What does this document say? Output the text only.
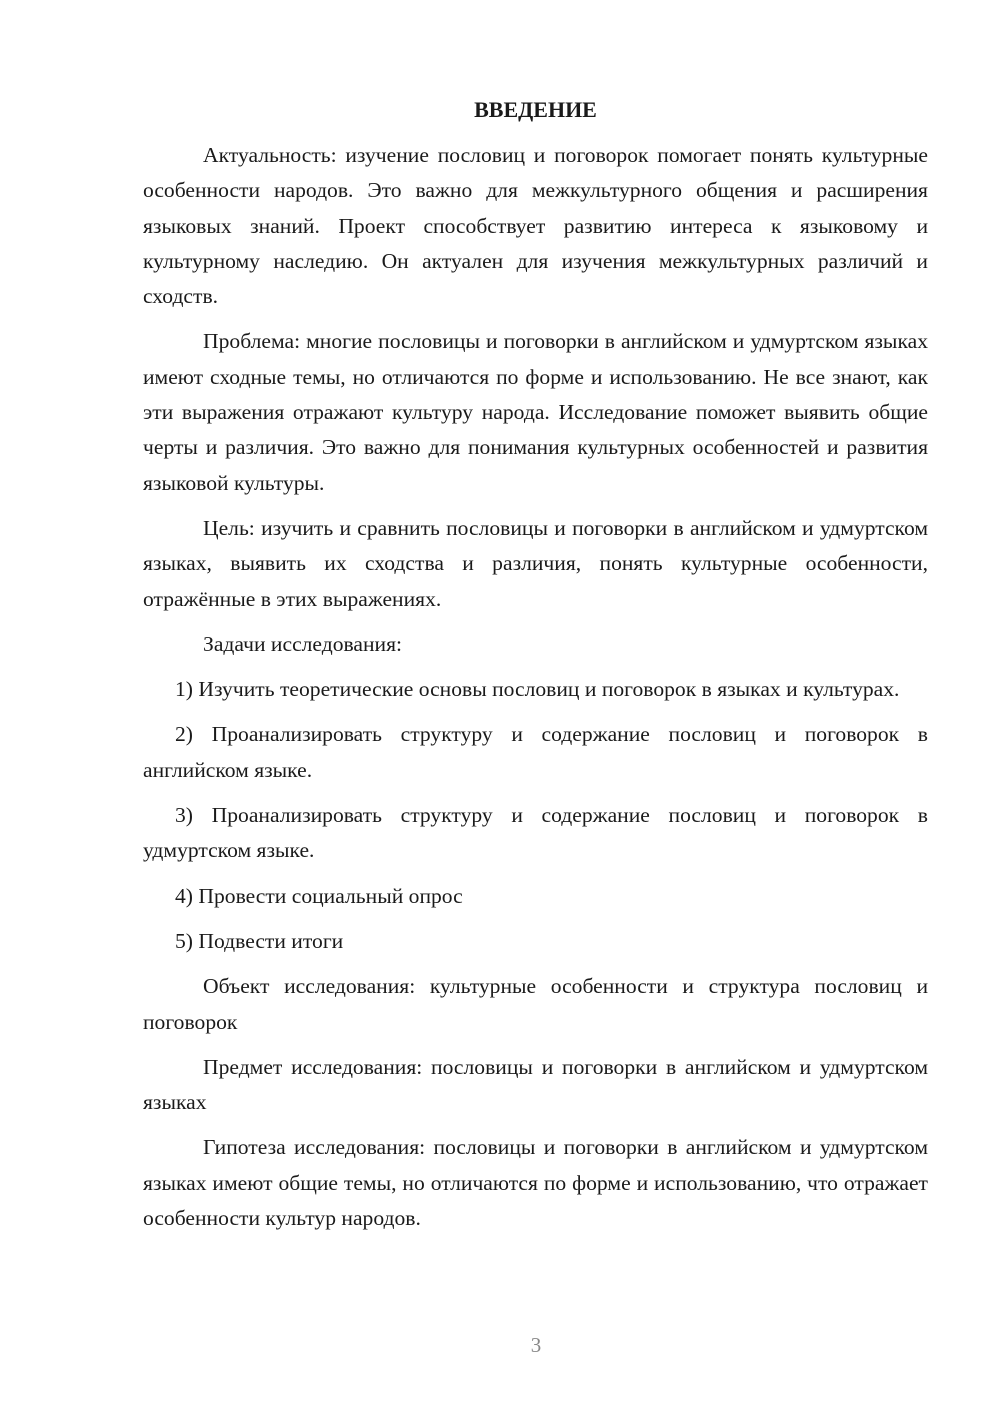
ВВЕДЕНИЕ

Актуальность: изучение пословиц и поговорок помогает понять культурные особенности народов. Это важно для межкультурного общения и расширения языковых знаний. Проект способствует развитию интереса к языковому и культурному наследию. Он актуален для изучения межкультурных различий и сходств.

Проблема: многие пословицы и поговорки в английском и удмуртском языках имеют сходные темы, но отличаются по форме и использованию. Не все знают, как эти выражения отражают культуру народа. Исследование поможет выявить общие черты и различия. Это важно для понимания культурных особенностей и развития языковой культуры.

Цель: изучить и сравнить пословицы и поговорки в английском и удмуртском языках, выявить их сходства и различия, понять культурные особенности, отражённые в этих выражениях.

Задачи исследования:

1) Изучить теоретические основы пословиц и поговорок в языках и культурах.

2) Проанализировать структуру и содержание пословиц и поговорок в английском языке.

3) Проанализировать структуру и содержание пословиц и поговорок в удмуртском языке.

4) Провести социальный опрос

5) Подвести итоги

Объект исследования: культурные особенности и структура пословиц и поговорок

Предмет исследования: пословицы и поговорки в английском и удмуртском языках

Гипотеза исследования: пословицы и поговорки в английском и удмуртском языках имеют общие темы, но отличаются по форме и использованию, что отражает особенности культур народов.

3
